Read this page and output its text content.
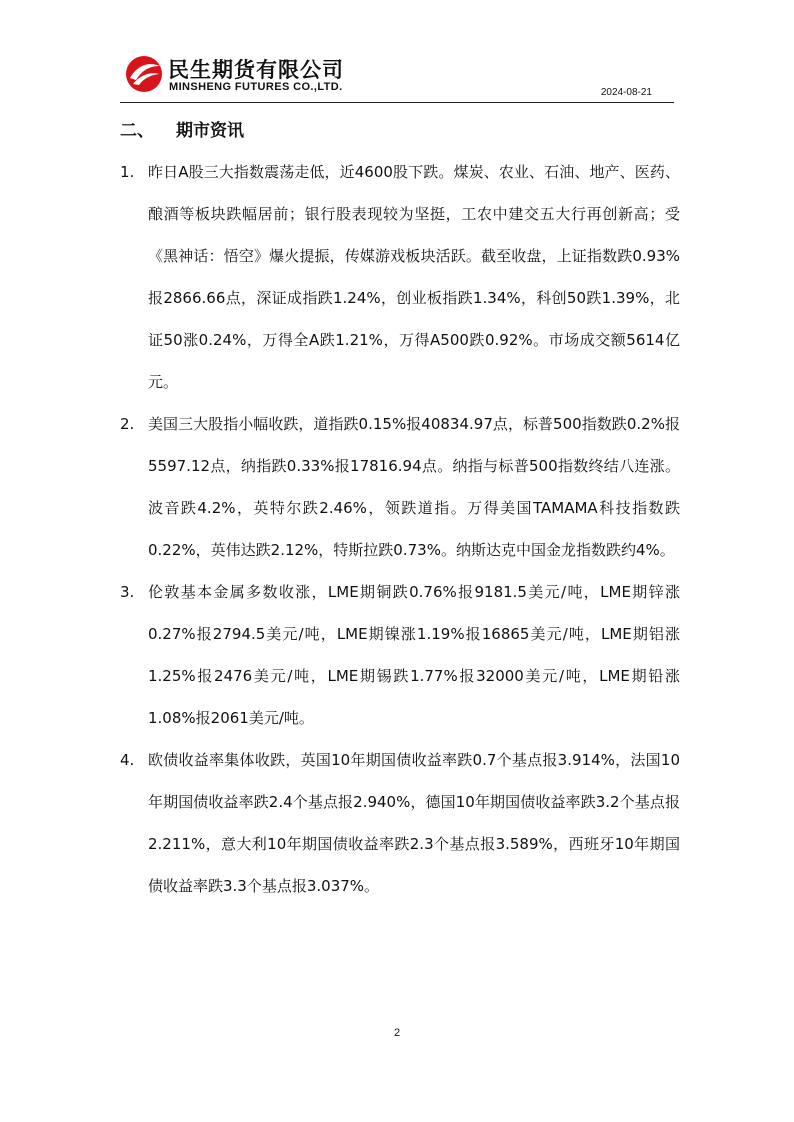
民生期货有限公司
MINSHENG FUTURES CO.,LTD.	2024-08-21
二、 期市资讯
1. 昨日A股三大指数震荡走低，近4600股下跌。煤炭、农业、石油、地产、医药、酿酒等板块跌幅居前；银行股表现较为坚挺，工农中建交五大行再创新高；受《黑神话：悟空》爆火提振，传媒游戏板块活跃。截至收盘，上证指数跌0.93%报2866.66点，深证成指跌1.24%，创业板指跌1.34%，科创50跌1.39%，北证50涨0.24%，万得全A跌1.21%，万得A500跌0.92%。市场成交额5614亿元。
2. 美国三大股指小幅收跌，道指跌0.15%报40834.97点，标普500指数跌0.2%报5597.12点，纳指跌0.33%报17816.94点。纳指与标普500指数终结八连涨。波音跌4.2%，英特尔跌2.46%，领跌道指。万得美国TAMAMA科技指数跌0.22%，英伟达跌2.12%，特斯拉跌0.73%。纳斯达克中国金龙指数跌约4%。
3. 伦敦基本金属多数收涨，LME期铜跌0.76%报9181.5美元/吨，LME期锌涨0.27%报2794.5美元/吨，LME期镍涨1.19%报16865美元/吨，LME期铝涨1.25%报2476美元/吨，LME期锡跌1.77%报32000美元/吨，LME期铅涨1.08%报2061美元/吨。
4. 欧债收益率集体收跌，英国10年期国债收益率跌0.7个基点报3.914%，法国10年期国债收益率跌2.4个基点报2.940%，德国10年期国债收益率跌3.2个基点报2.211%，意大利10年期国债收益率跌2.3个基点报3.589%，西班牙10年期国债收益率跌3.3个基点报3.037%。
2
